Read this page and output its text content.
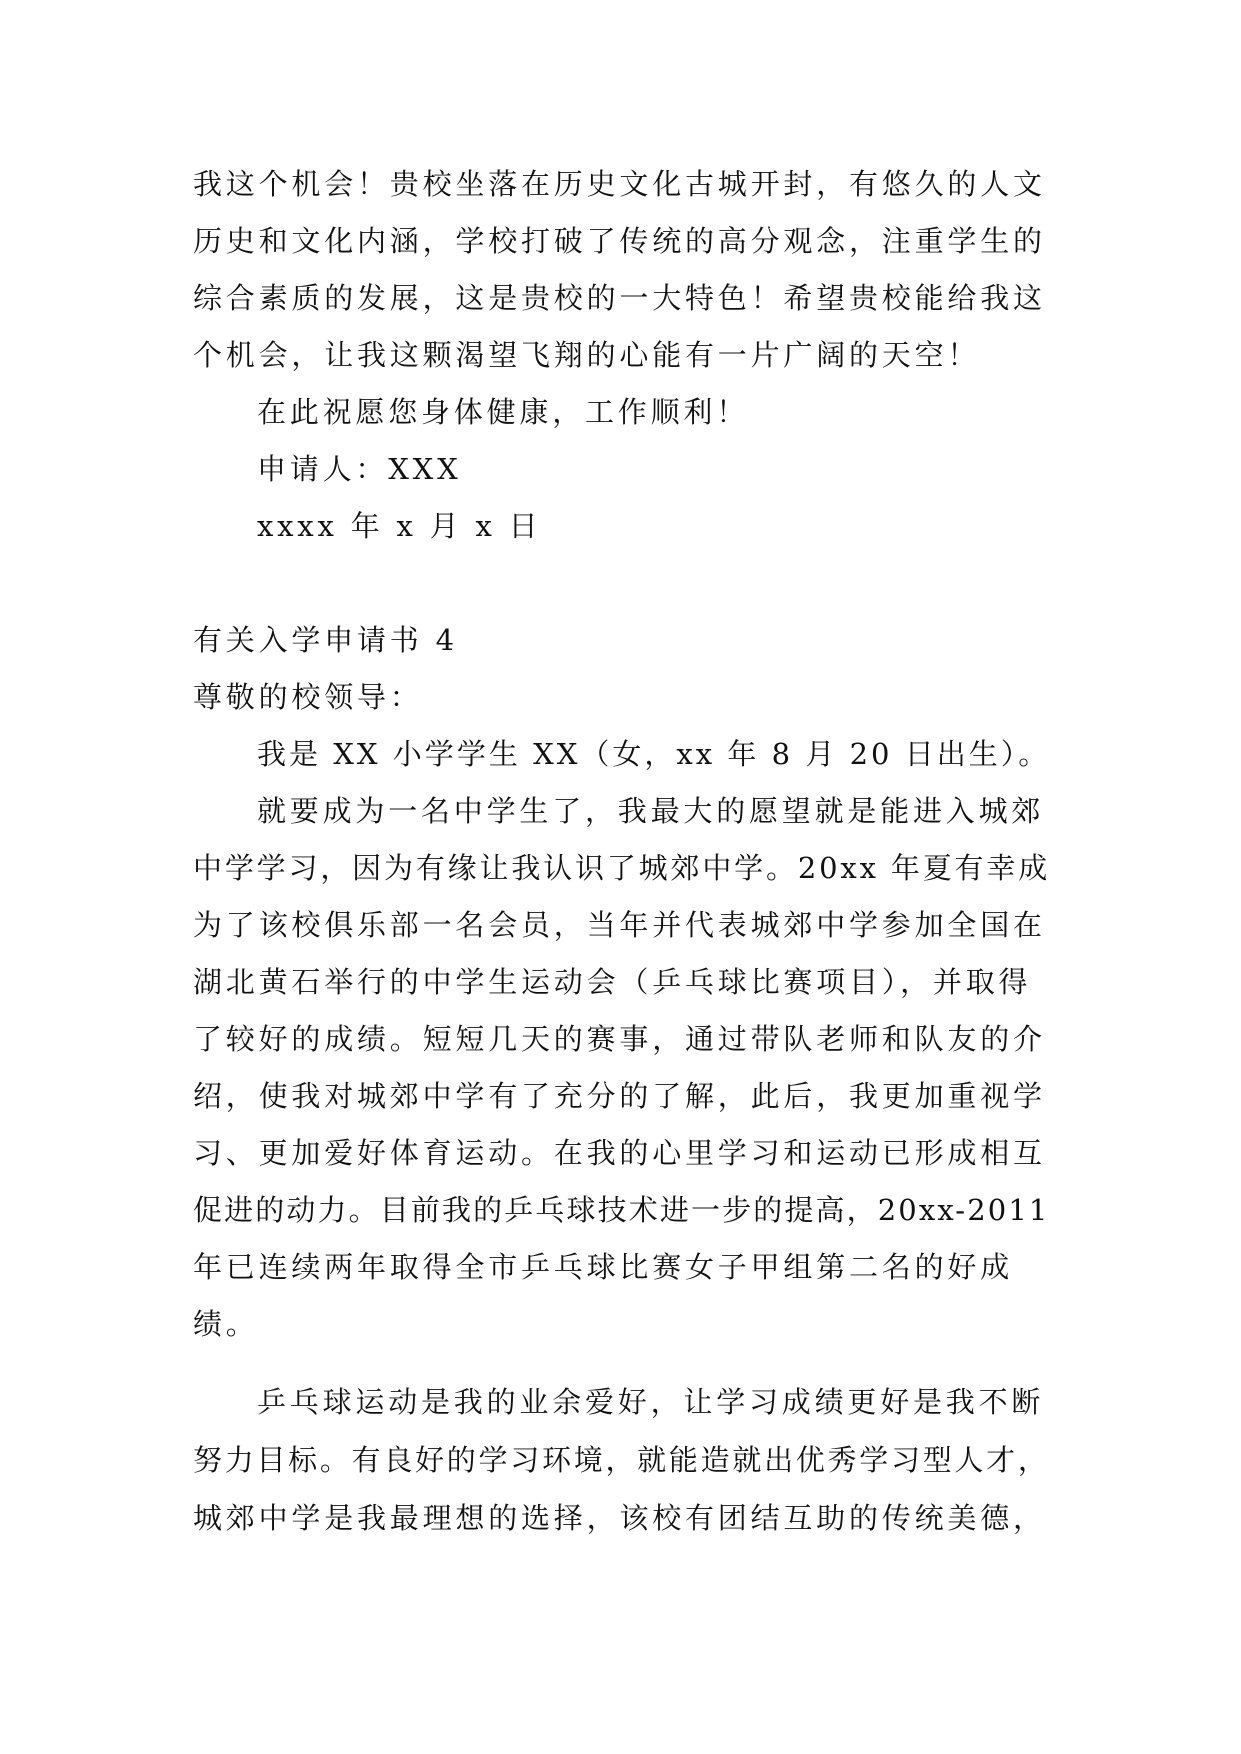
我这个机会！贵校坐落在历史文化古城开封，有悠久的人文
历史和文化内涵，学校打破了传统的高分观念，注重学生的
综合素质的发展，这是贵校的一大特色！希望贵校能给我这
个机会，让我这颗渴望飞翔的心能有一片广阔的天空！
在此祝愿您身体健康，工作顺利！
申请人：XXX
xxxx 年 x 月 x 日
有关入学申请书 4
尊敬的校领导：
我是 XX 小学学生 XX（女，xx 年 8 月 20 日出生）。
就要成为一名中学生了，我最大的愿望就是能进入城郊
中学学习，因为有缘让我认识了城郊中学。20xx 年夏有幸成
为了该校俱乐部一名会员，当年并代表城郊中学参加全国在
湖北黄石举行的中学生运动会（乒乓球比赛项目），并取得
了较好的成绩。短短几天的赛事，通过带队老师和队友的介
绍，使我对城郊中学有了充分的了解，此后，我更加重视学
习、更加爱好体育运动。在我的心里学习和运动已形成相互
促进的动力。目前我的乒乓球技术进一步的提高，20xx-2011
年已连续两年取得全市乒乓球比赛女子甲组第二名的好成
绩。
乒乓球运动是我的业余爱好，让学习成绩更好是我不断
努力目标。有良好的学习环境，就能造就出优秀学习型人才，
城郊中学是我最理想的选择，该校有团结互助的传统美德，
